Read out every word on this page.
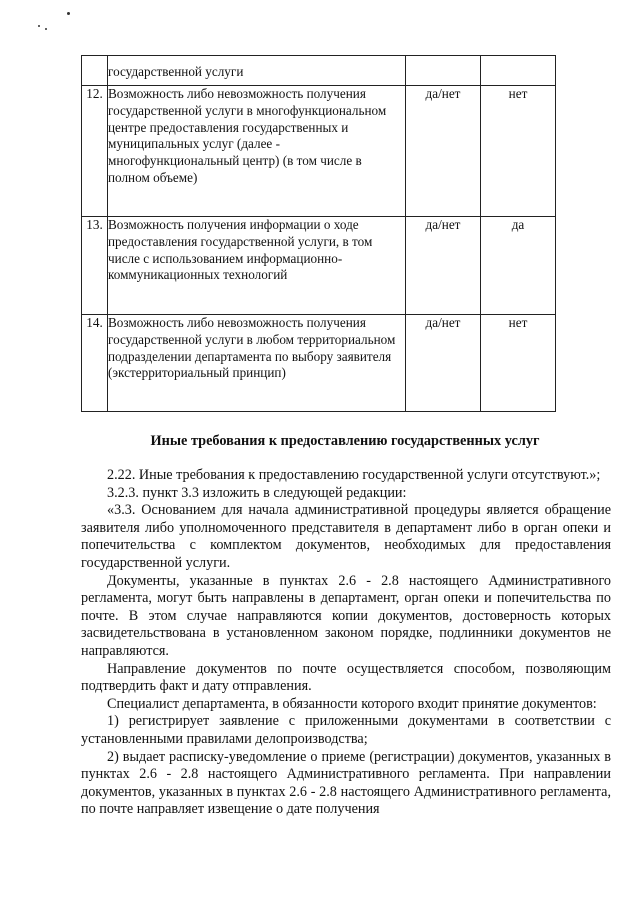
	государственной услуги		
12.	Возможность либо невозможность получения государственной услуги в многофункциональном центре предоставления государственных и муниципальных услуг (далее - многофункциональный центр) (в том числе в полном объеме)	да/нет	нет
13.	Возможность получения информации о ходе предоставления государственной услуги, в том числе с использованием информационно-коммуникационных технологий	да/нет	да
14.	Возможность либо невозможность получения государственной услуги в любом территориальном подразделении департамента по выбору заявителя (экстерриториальный принцип)	да/нет	нет
Иные требования к предоставлению государственных услуг

2.22. Иные требования к предоставлению государственной услуги отсутствуют.»;

3.2.3. пункт 3.3 изложить в следующей редакции:

«3.3. Основанием для начала административной процедуры является обращение заявителя либо уполномоченного представителя в департамент либо в орган опеки и попечительства с комплектом документов, необходимых для предоставления государственной услуги.

Документы, указанные в пунктах 2.6 - 2.8 настоящего Административного регламента, могут быть направлены в департамент, орган опеки и попечительства по почте. В этом случае направляются копии документов, достоверность которых засвидетельствована в установленном законом порядке, подлинники документов не направляются.

Направление документов по почте осуществляется способом, позволяющим подтвердить факт и дату отправления.

Специалист департамента, в обязанности которого входит принятие документов:

1) регистрирует заявление с приложенными документами в соответствии с установленными правилами делопроизводства;

2) выдает расписку-уведомление о приеме (регистрации) документов, указанных в пунктах 2.6 - 2.8 настоящего Административного регламента. При направлении документов, указанных в пунктах 2.6 - 2.8 настоящего Административного регламента, по почте направляет извещение о дате получения
